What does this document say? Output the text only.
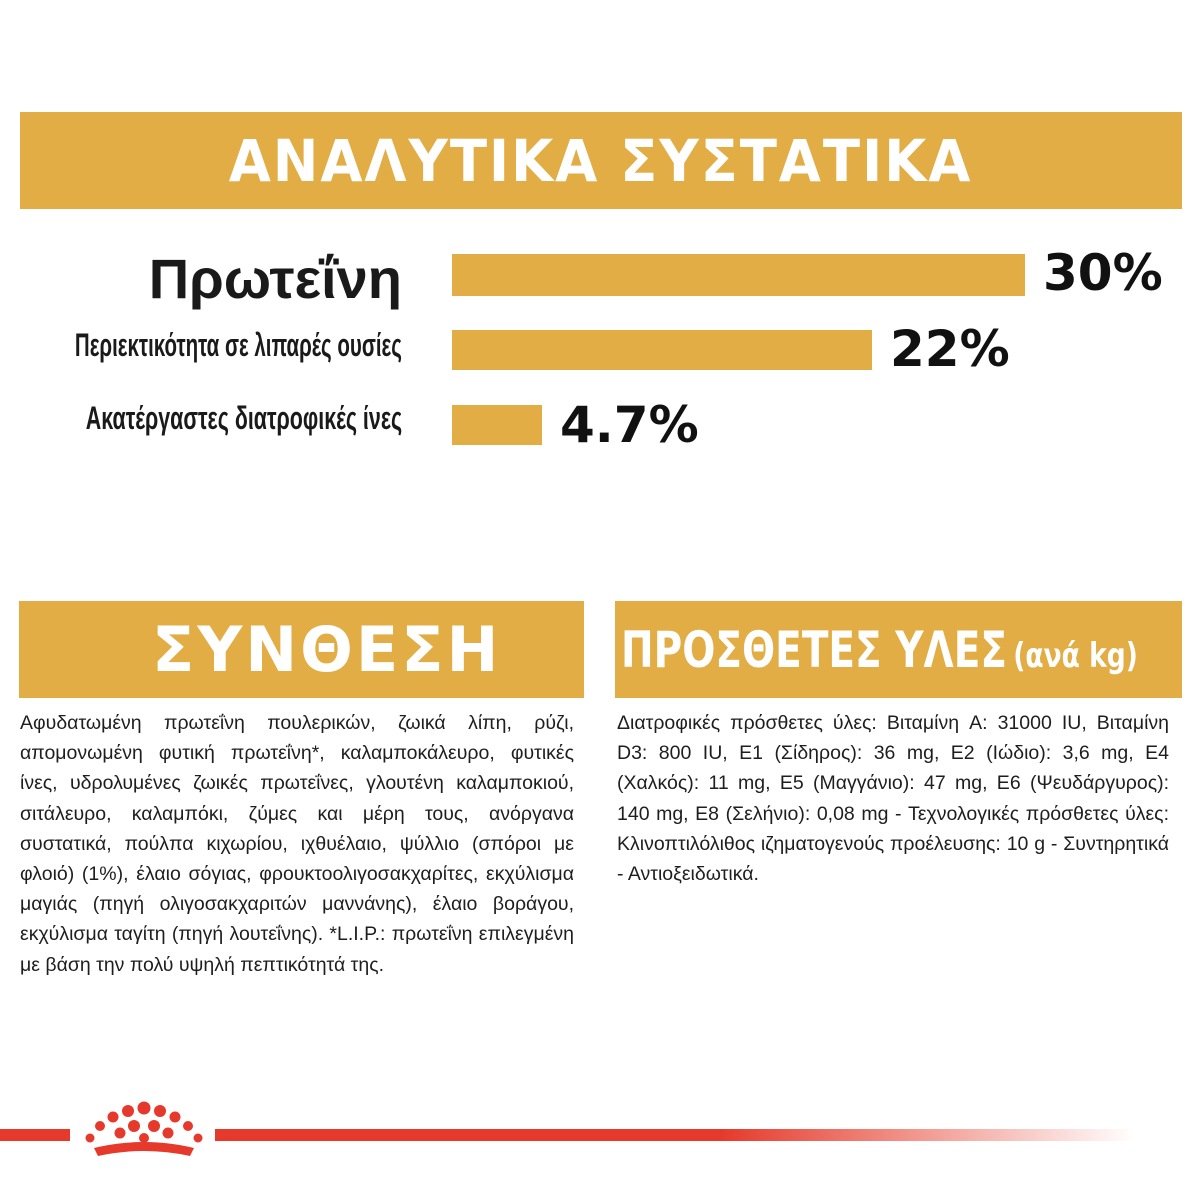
ΑΝΑΛΥΤΙΚΑ ΣΥΣΤΑΤΙΚΑ
Πρωτεΐνη	30%
Περιεκτικότητα σε λιπαρές ουσίες	22%
Ακατέργαστες διατροφικές ίνες	4.7%
ΣΥΝΘΕΣΗ
Αφυδατωμένη πρωτεΐνη πουλερικών, ζωικά λίπη, ρύζι, απομονωμένη φυτική πρωτεΐνη*, καλαμποκάλευρο, φυτικές ίνες, υδρολυμένες ζωικές πρωτεΐνες, γλουτένη καλαμποκιού, σιτάλευρο, καλαμπόκι, ζύμες και μέρη τους, ανόργανα συστατικά, πούλπα κιχωρίου, ιχθυέλαιο, ψύλλιο (σπόροι με φλοιό) (1%), έλαιο σόγιας, φρουκτοολιγοσακχαρίτες, εκχύλισμα μαγιάς (πηγή ολιγοσακχαριτών μαννάνης), έλαιο βοράγου, εκχύλισμα ταγίτη (πηγή λουτεΐνης). *L.I.P.: πρωτεΐνη επιλεγμένη με βάση την πολύ υψηλή πεπτικότητά της.
ΠΡΟΣΘΕΤΕΣ ΥΛΕΣ (ανά kg)
Διατροφικές πρόσθετες ύλες: Βιταμίνη A: 31000 IU, Βιταμίνη D3: 800 IU, E1 (Σίδηρος): 36 mg, E2 (Ιώδιο): 3,6 mg, E4 (Χαλκός): 11 mg, E5 (Μαγγάνιο): 47 mg, E6 (Ψευδάργυρος): 140 mg, E8 (Σελήνιο): 0,08 mg - Τεχνολογικές πρόσθετες ύλες: Κλινοπτιλόλιθος ιζηματογενούς προέλευσης: 10 g - Συντηρητικά - Αντιοξειδωτικά.
